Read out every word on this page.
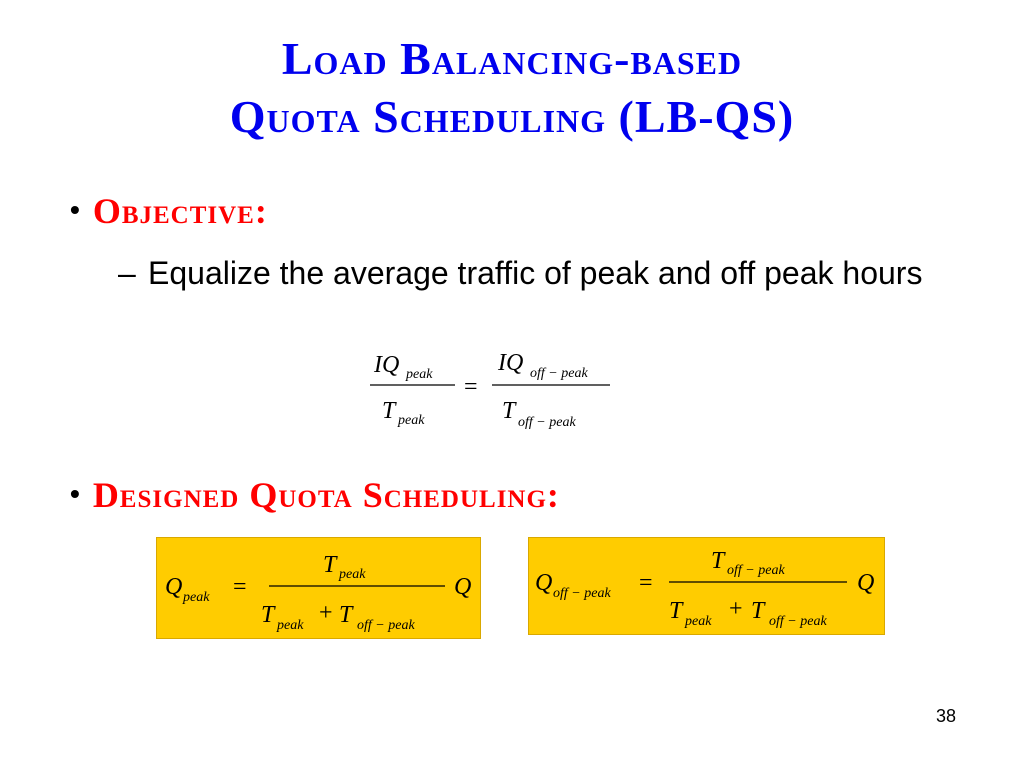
Load Balancing-based
Quota Scheduling (LB-QS)
• Objective:
– Equalize the average traffic of peak and off peak hours
IQ peak
T peak
=
IQ off − peak
T off − peak
• Designed Quota Scheduling:
Q peak =
T peak
T peak + T off − peak
Q	Q off − peak =
T off − peak
T peak + T off − peak
Q
38
